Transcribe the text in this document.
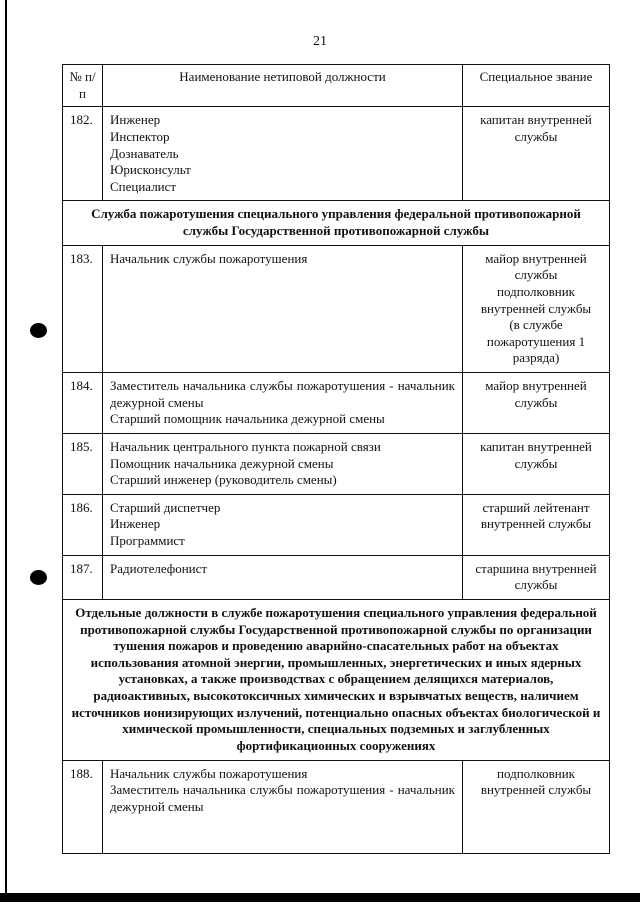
21
№ п/п	Наименование нетиповой должности	Специальное звание
182.	Инженер
Инспектор
Дознаватель
Юрисконсульт
Специалист	капитан внутренней службы

Служба пожаротушения специального управления федеральной противопожарной службы Государственной противопожарной службы		
183.	Начальник службы пожаротушения	майор внутренней службы
подполковник внутренней службы
(в службе пожаротушения 1 разряда)

184.	Заместитель начальника службы пожаротушения - начальник дежурной смены
Старший помощник начальника дежурной смены	майор внутренней службы

185.	Начальник центрального пункта пожарной связи
Помощник начальника дежурной смены
Старший инженер (руководитель смены)	капитан внутренней службы

186.	Старший диспетчер
Инженер
Программист	старший лейтенант внутренней службы

187.	Радиотелефонист	старшина внутренней службы

Отдельные должности в службе пожаротушения специального управления федеральной противопожарной службы Государственной противопожарной службы по организации тушения пожаров и проведению аварийно-спасательных работ на объектах использования атомной энергии, промышленных, энергетических и иных ядерных установках, а также производствах с обращением делящихся материалов, радиоактивных, высокотоксичных химических и взрывчатых веществ, наличием источников ионизирующих излучений, потенциально опасных объектах биологической и химической промышленности, специальных подземных и заглубленных фортификационных сооружениях		
188.	Начальник службы пожаротушения
Заместитель начальника службы пожаротушения - начальник дежурной смены	подполковник внутренней службы
